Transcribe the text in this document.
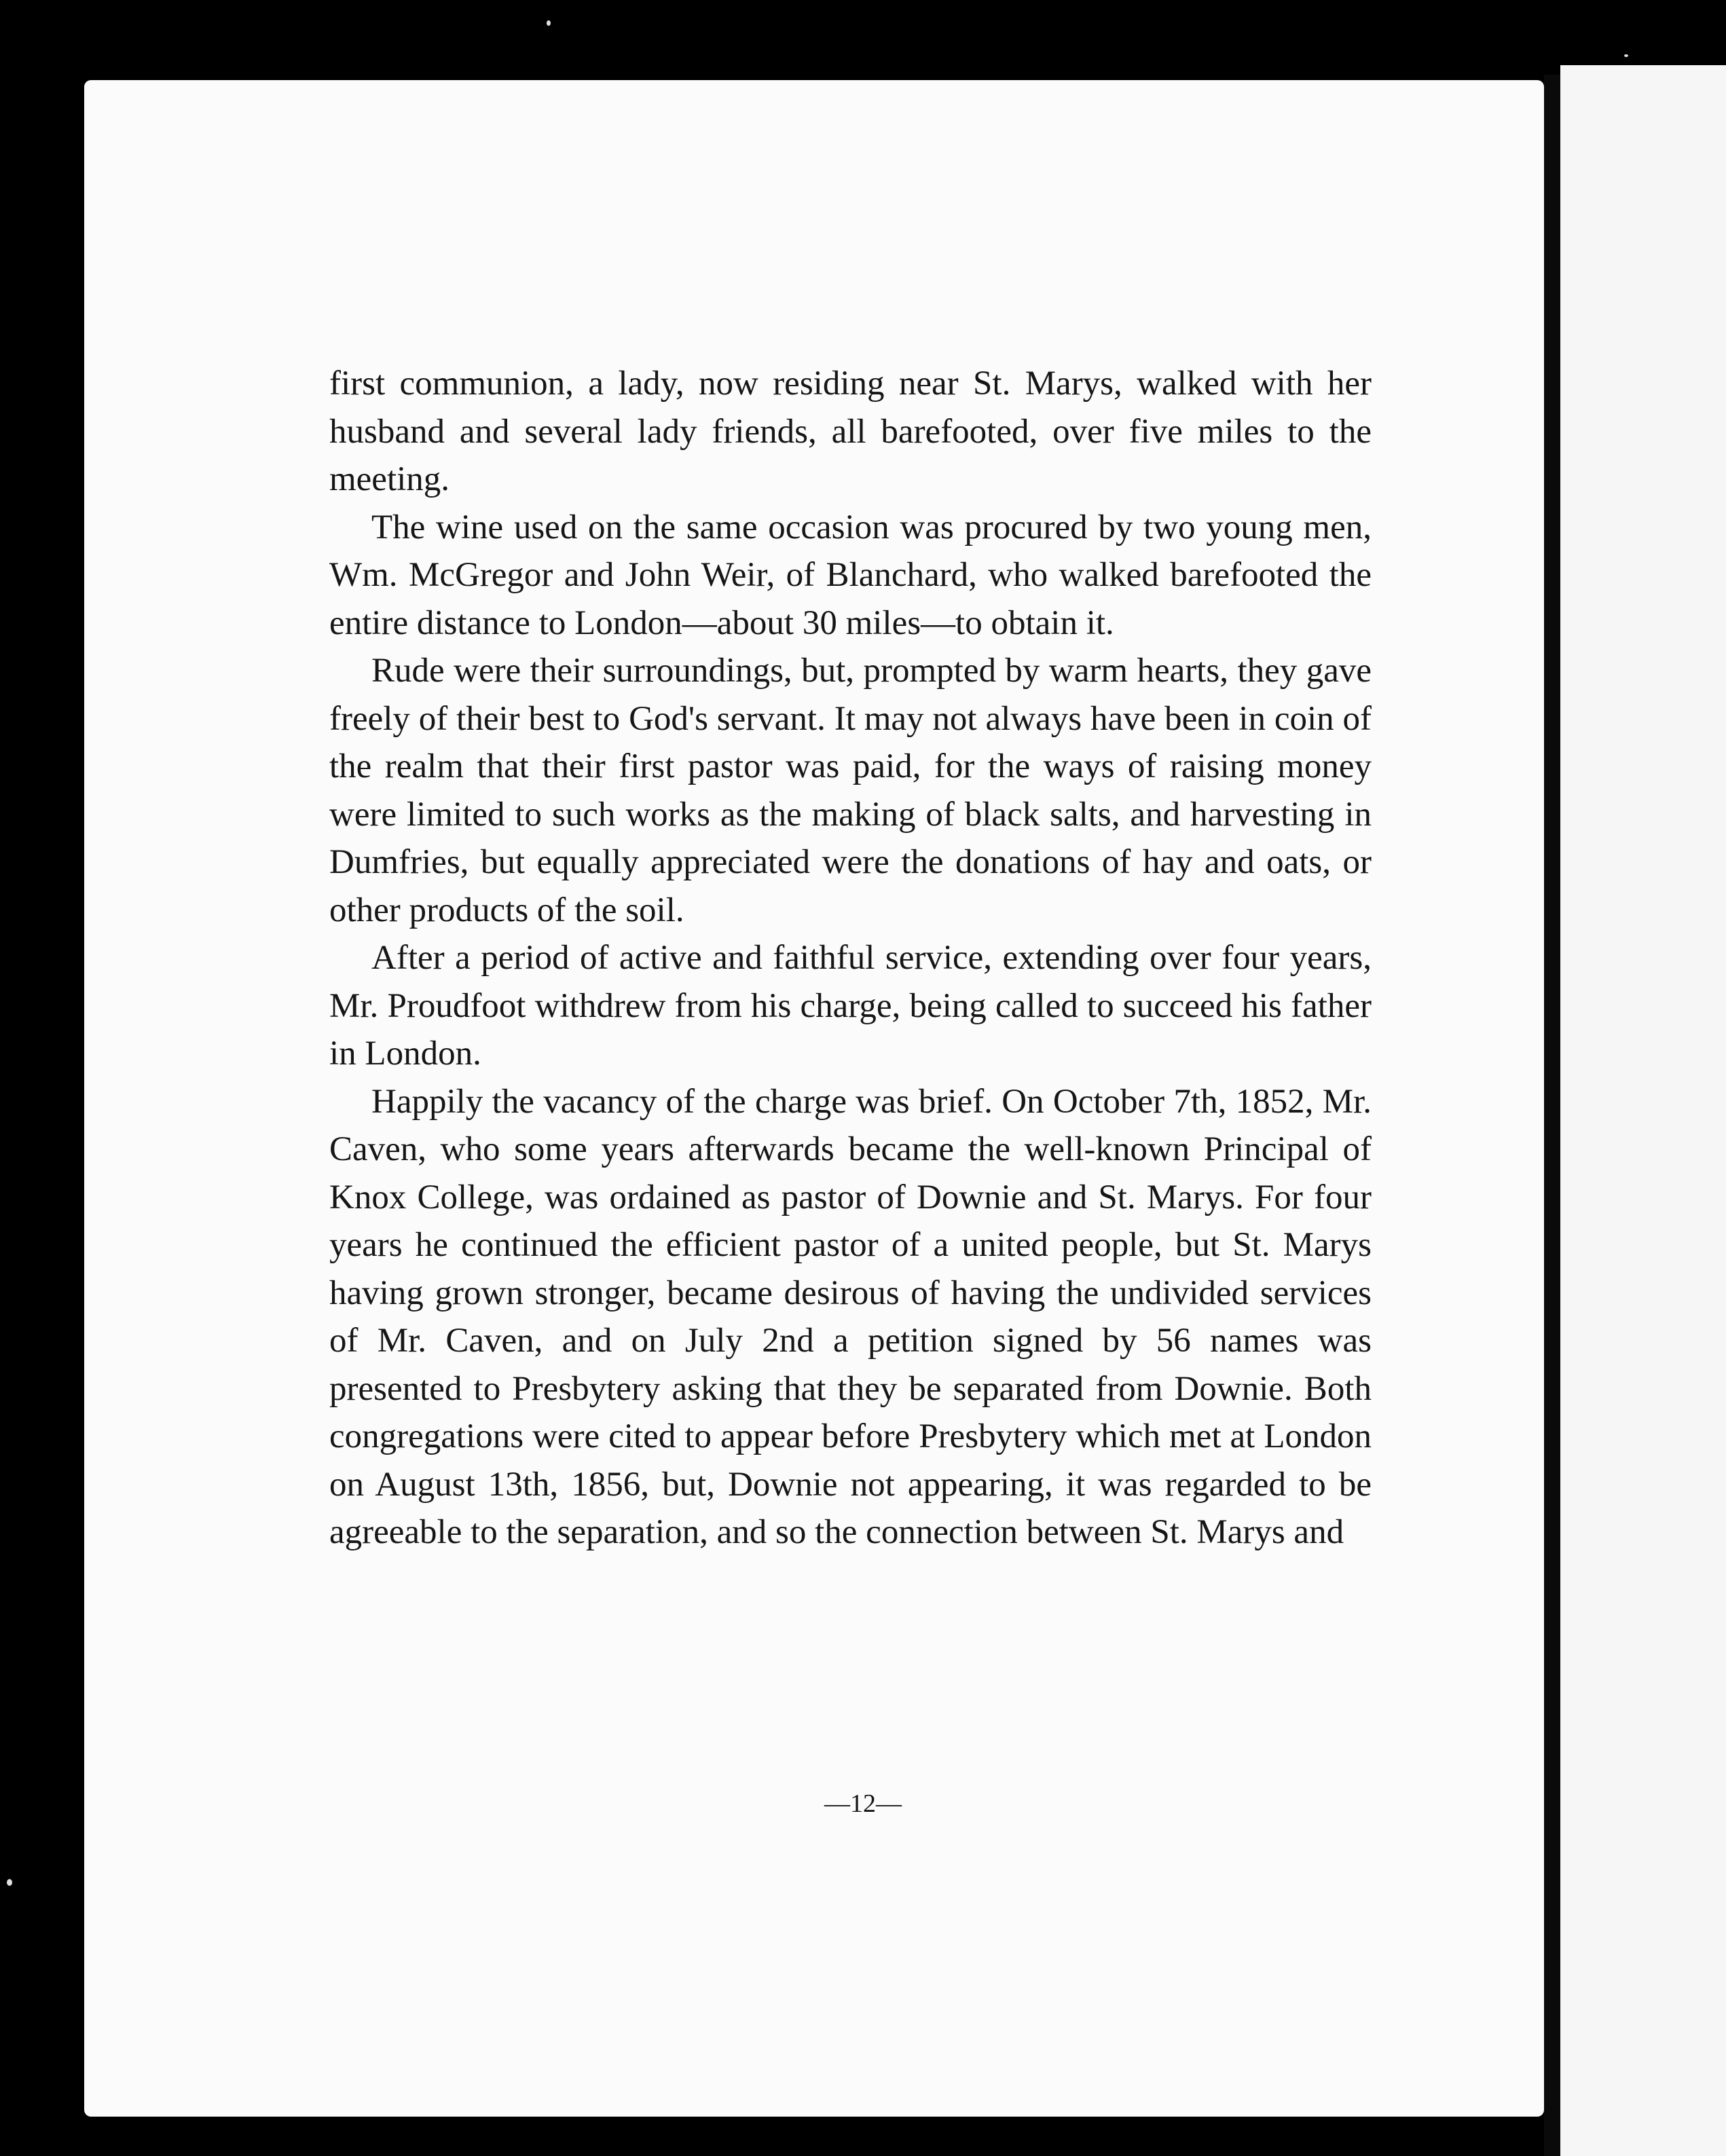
first communion, a lady, now residing near St. Marys, walked with her husband and several lady friends, all barefooted, over five miles to the meeting.

The wine used on the same occasion was procured by two young men, Wm. McGregor and John Weir, of Blanchard, who walked barefooted the entire distance to London—about 30 miles—to obtain it.

Rude were their surroundings, but, prompted by warm hearts, they gave freely of their best to God's servant. It may not always have been in coin of the realm that their first pastor was paid, for the ways of raising money were limited to such works as the making of black salts, and harvesting in Dumfries, but equally appreciated were the donations of hay and oats, or other products of the soil.

After a period of active and faithful service, extending over four years, Mr. Proudfoot withdrew from his charge, being called to succeed his father in London.

Happily the vacancy of the charge was brief. On October 7th, 1852, Mr. Caven, who some years afterwards became the well-known Principal of Knox College, was ordained as pastor of Downie and St. Marys. For four years he continued the efficient pastor of a united people, but St. Marys having grown stronger, became desirous of having the undivided services of Mr. Caven, and on July 2nd a petition signed by 56 names was presented to Presbytery asking that they be separated from Downie. Both congregations were cited to appear before Presbytery which met at London on August 13th, 1856, but, Downie not appearing, it was regarded to be agreeable to the separation, and so the connection between St. Marys and

—12—
